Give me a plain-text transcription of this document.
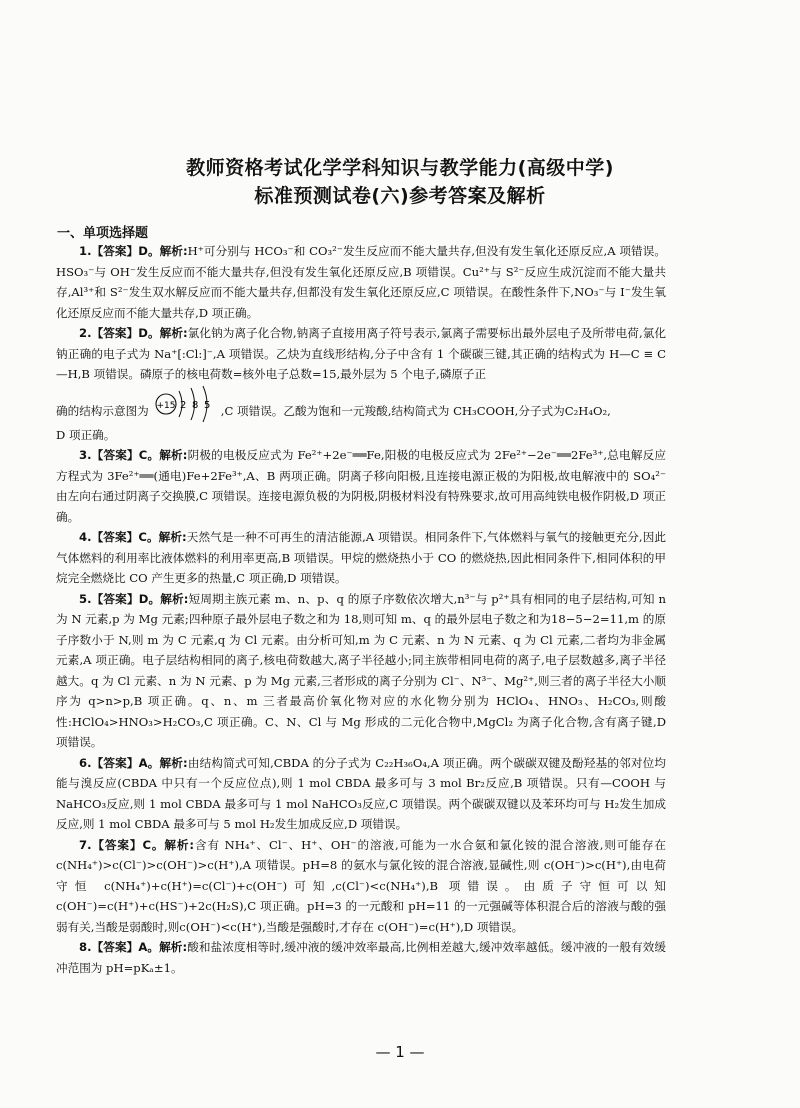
教师资格考试化学学科知识与教学能力(高级中学)
标准预测试卷(六)参考答案及解析
一、单项选择题

1.【答案】D。解析:H⁺可分别与 HCO₃⁻和 CO₃²⁻发生反应而不能大量共存,但没有发生氧化还原反应,A 项错误。HSO₃⁻与 OH⁻发生反应而不能大量共存,但没有发生氧化还原反应,B 项错误。Cu²⁺与 S²⁻反应生成沉淀而不能大量共存,Al³⁺和 S²⁻发生双水解反应而不能大量共存,但都没有发生氧化还原反应,C 项错误。在酸性条件下,NO₃⁻与 I⁻发生氧化还原反应而不能大量共存,D 项正确。

2.【答案】D。解析:氯化钠为离子化合物,钠离子直接用离子符号表示,氯离子需要标出最外层电子及所带电荷,氯化钠正确的电子式为 Na⁺[:Cl:]⁻,A 项错误。乙炔为直线形结构,分子中含有 1 个碳碳三键,其正确的结构式为 H—C ≡ C—H,B 项错误。磷原子的核电荷数=核外电子总数=15,最外层为 5 个电子,磷原子正

确的结构示意图为 +15 2 8 5 ,C 项错误。乙酸为饱和一元羧酸,结构简式为 CH₃COOH,分子式为C₂H₄O₂,

D 项正确。

3.【答案】C。解析:阴极的电极反应式为 Fe²⁺+2e⁻══Fe,阳极的电极反应式为 2Fe²⁺−2e⁻══2Fe³⁺,总电解反应方程式为 3Fe²⁺══(通电)Fe+2Fe³⁺,A、B 两项正确。阴离子移向阳极,且连接电源正极的为阳极,故电解液中的 SO₄²⁻由左向右通过阴离子交换膜,C 项错误。连接电源负极的为阴极,阴极材料没有特殊要求,故可用高纯铁电极作阴极,D 项正确。

4.【答案】C。解析:天然气是一种不可再生的清洁能源,A 项错误。相同条件下,气体燃料与氧气的接触更充分,因此气体燃料的利用率比液体燃料的利用率更高,B 项错误。甲烷的燃烧热小于 CO 的燃烧热,因此相同条件下,相同体积的甲烷完全燃烧比 CO 产生更多的热量,C 项正确,D 项错误。

5.【答案】D。解析:短周期主族元素 m、n、p、q 的原子序数依次增大,n³⁻与 p²⁺具有相同的电子层结构,可知 n 为 N 元素,p 为 Mg 元素;四种原子最外层电子数之和为 18,则可知 m、q 的最外层电子数之和为18−5−2=11,m 的原子序数小于 N,则 m 为 C 元素,q 为 Cl 元素。由分析可知,m 为 C 元素、n 为 N 元素、q 为 Cl 元素,二者均为非金属元素,A 项正确。电子层结构相同的离子,核电荷数越大,离子半径越小;同主族带相同电荷的离子,电子层数越多,离子半径越大。q 为 Cl 元素、n 为 N 元素、p 为 Mg 元素,三者形成的离子分别为 Cl⁻、N³⁻、Mg²⁺,则三者的离子半径大小顺序为 q>n>p,B 项正确。q、n、m 三者最高价氧化物对应的水化物分别为 HClO₄、HNO₃、H₂CO₃,则酸性:HClO₄>HNO₃>H₂CO₃,C 项正确。C、N、Cl 与 Mg 形成的二元化合物中,MgCl₂ 为离子化合物,含有离子键,D 项错误。

6.【答案】A。解析:由结构简式可知,CBDA 的分子式为 C₂₂H₃₆O₄,A 项正确。两个碳碳双键及酚羟基的邻对位均能与溴反应(CBDA 中只有一个反应位点),则 1 mol CBDA 最多可与 3 mol Br₂反应,B 项错误。只有—COOH 与 NaHCO₃反应,则 1 mol CBDA 最多可与 1 mol NaHCO₃反应,C 项错误。两个碳碳双键以及苯环均可与 H₂发生加成反应,则 1 mol CBDA 最多可与 5 mol H₂发生加成反应,D 项错误。

7.【答案】C。解析:含有 NH₄⁺、Cl⁻、H⁺、OH⁻的溶液,可能为一水合氨和氯化铵的混合溶液,则可能存在 c(NH₄⁺)>c(Cl⁻)>c(OH⁻)>c(H⁺),A 项错误。pH=8 的氨水与氯化铵的混合溶液,显碱性,则 c(OH⁻)>c(H⁺),由电荷守恒 c(NH₄⁺)+c(H⁺)=c(Cl⁻)+c(OH⁻)可知,c(Cl⁻)<c(NH₄⁺),B 项错误。由质子守恒可以知 c(OH⁻)=c(H⁺)+c(HS⁻)+2c(H₂S),C 项正确。pH=3 的一元酸和 pH=11 的一元强碱等体积混合后的溶液与酸的强弱有关,当酸是弱酸时,则c(OH⁻)<c(H⁺),当酸是强酸时,才存在 c(OH⁻)=c(H⁺),D 项错误。

8.【答案】A。解析:酸和盐浓度相等时,缓冲液的缓冲效率最高,比例相差越大,缓冲效率越低。缓冲液的一般有效缓冲范围为 pH=pKₐ±1。

— 1 —
